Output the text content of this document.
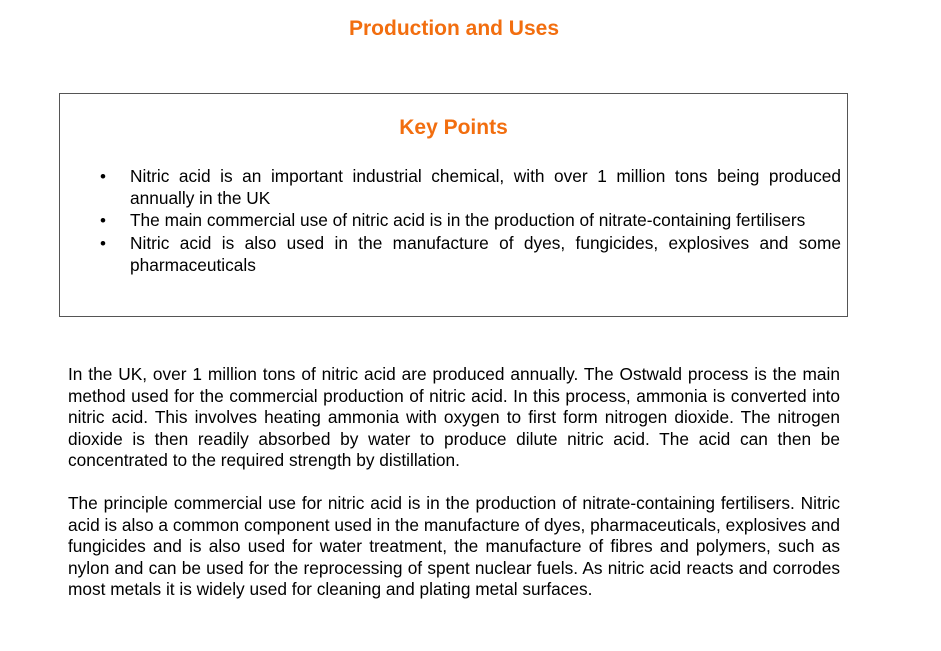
Production and Uses
Key Points
• Nitric acid is an important industrial chemical, with over 1 million tons being produced annually in the UK
• The main commercial use of nitric acid is in the production of nitrate-containing fertilisers
• Nitric acid is also used in the manufacture of dyes, fungicides, explosives and some pharmaceuticals

In the UK, over 1 million tons of nitric acid are produced annually. The Ostwald process is the main method used for the commercial production of nitric acid. In this process, ammonia is converted into nitric acid. This involves heating ammonia with oxygen to first form nitrogen dioxide. The nitrogen dioxide is then readily absorbed by water to produce dilute nitric acid. The acid can then be concentrated to the required strength by distillation.

The principle commercial use for nitric acid is in the production of nitrate-containing fertilisers. Nitric acid is also a common component used in the manufacture of dyes, pharmaceuticals, explosives and fungicides and is also used for water treatment, the manufacture of fibres and polymers, such as nylon and can be used for the reprocessing of spent nuclear fuels. As nitric acid reacts and corrodes most metals it is widely used for cleaning and plating metal surfaces.
